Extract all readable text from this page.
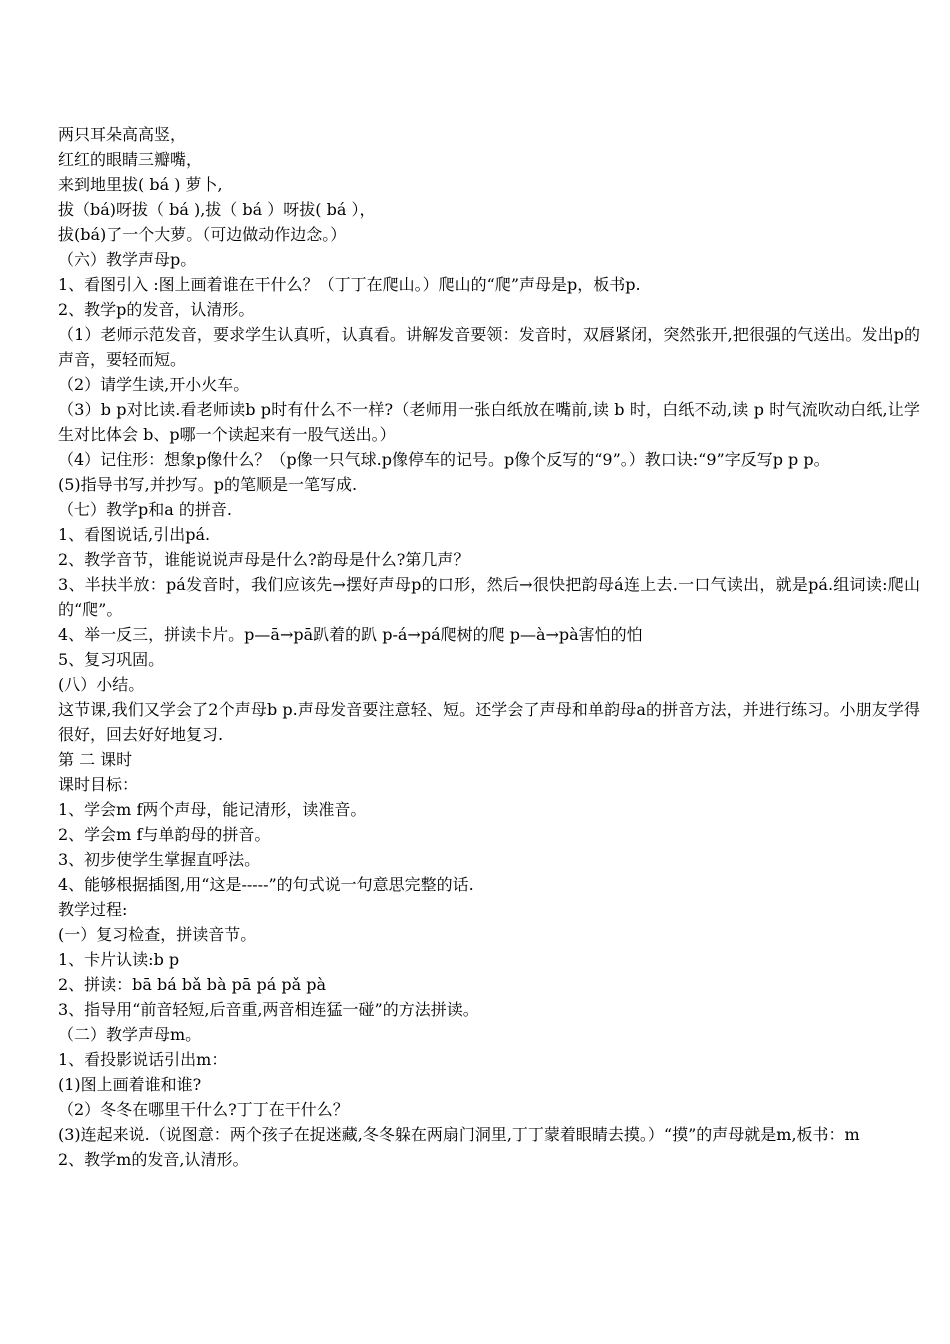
两只耳朵高高竖，
红红的眼睛三瓣嘴，
来到地里拔( bá ) 萝卜,
拔（bá)呀拔（ bá ),拔（ bá ）呀拔( bá ），
拔(bá)了一个大萝。（可边做动作边念。）
（六）教学声母p。
1、看图引入 :图上画着谁在干什么？（丁丁在爬山。）爬山的“爬”声母是p，板书p.
2、教学p的发音，认清形。
（1）老师示范发音，要求学生认真听，认真看。讲解发音要领：发音时，双唇紧闭，突然张开,把很强的气送出。发出p的声音，要轻而短。
（2）请学生读,开小火车。
（3）b p对比读.看老师读b p时有什么不一样?（老师用一张白纸放在嘴前,读 b 时，白纸不动,读 p 时气流吹动白纸,让学生对比体会 b、p哪一个读起来有一股气送出。）
（4）记住形：想象p像什么？（p像一只气球.p像停车的记号。p像个反写的“9”。）教口诀:“9”字反写p p p。
(5)指导书写,并抄写。p的笔顺是一笔写成.
（七）教学p和a 的拼音.
1、看图说话,引出pá.
2、教学音节，谁能说说声母是什么?韵母是什么?第几声？
3、半扶半放：pá发音时，我们应该先→摆好声母p的口形，然后→很快把韵母á连上去.一口气读出，就是pá.组词读:爬山的“爬”。
4、举一反三，拼读卡片。p—ā→pā趴着的趴 p-á→pá爬树的爬 p—à→pà害怕的怕
5、复习巩固。
(八）小结。
这节课,我们又学会了2个声母b p.声母发音要注意轻、短。还学会了声母和单韵母a的拼音方法，并进行练习。小朋友学得很好，回去好好地复习.
第 二 课时
课时目标：
1、学会m f两个声母，能记清形，读准音。
2、学会m f与单韵母的拼音。
3、初步使学生掌握直呼法。
4、能够根据插图,用“这是-----”的句式说一句意思完整的话.
教学过程:
(一）复习检查，拼读音节。
1、卡片认读:b p
2、拼读：bā bá bǎ bà pā pá pǎ pà
3、指导用“前音轻短,后音重,两音相连猛一碰”的方法拼读。
（二）教学声母m。
1、看投影说话引出m：
(1)图上画着谁和谁?
（2）冬冬在哪里干什么?丁丁在干什么？
(3)连起来说.（说图意：两个孩子在捉迷藏,冬冬躲在两扇门洞里,丁丁蒙着眼睛去摸。）“摸”的声母就是m,板书：m
2、教学m的发音,认清形。
